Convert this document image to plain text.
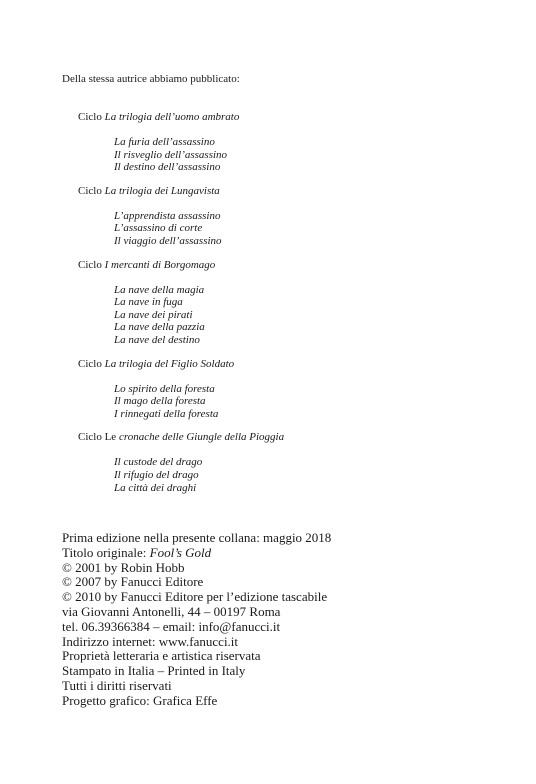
Della stessa autrice abbiamo pubblicato:
Ciclo La trilogia dell’uomo ambrato
La furia dell’assassino
Il risveglio dell’assassino
Il destino dell’assassino
Ciclo La trilogia dei Lungavista
L’apprendista assassino
L’assassino di corte
Il viaggio dell’assassino
Ciclo I mercanti di Borgomago
La nave della magia
La nave in fuga
La nave dei pirati
La nave della pazzia
La nave del destino
Ciclo La trilogia del Figlio Soldato
Lo spirito della foresta
Il mago della foresta
I rinnegati della foresta
Ciclo Le cronache delle Giungle della Pioggia
Il custode del drago
Il rifugio del drago
La città dei draghi
Prima edizione nella presente collana: maggio 2018
Titolo originale: Fool’s Gold
© 2001 by Robin Hobb
© 2007 by Fanucci Editore
© 2010 by Fanucci Editore per l’edizione tascabile
via Giovanni Antonelli, 44 – 00197 Roma
tel. 06.39366384 – email: info@fanucci.it
Indirizzo internet: www.fanucci.it
Proprietà letteraria e artistica riservata
Stampato in Italia – Printed in Italy
Tutti i diritti riservati
Progetto grafico: Grafica Effe
